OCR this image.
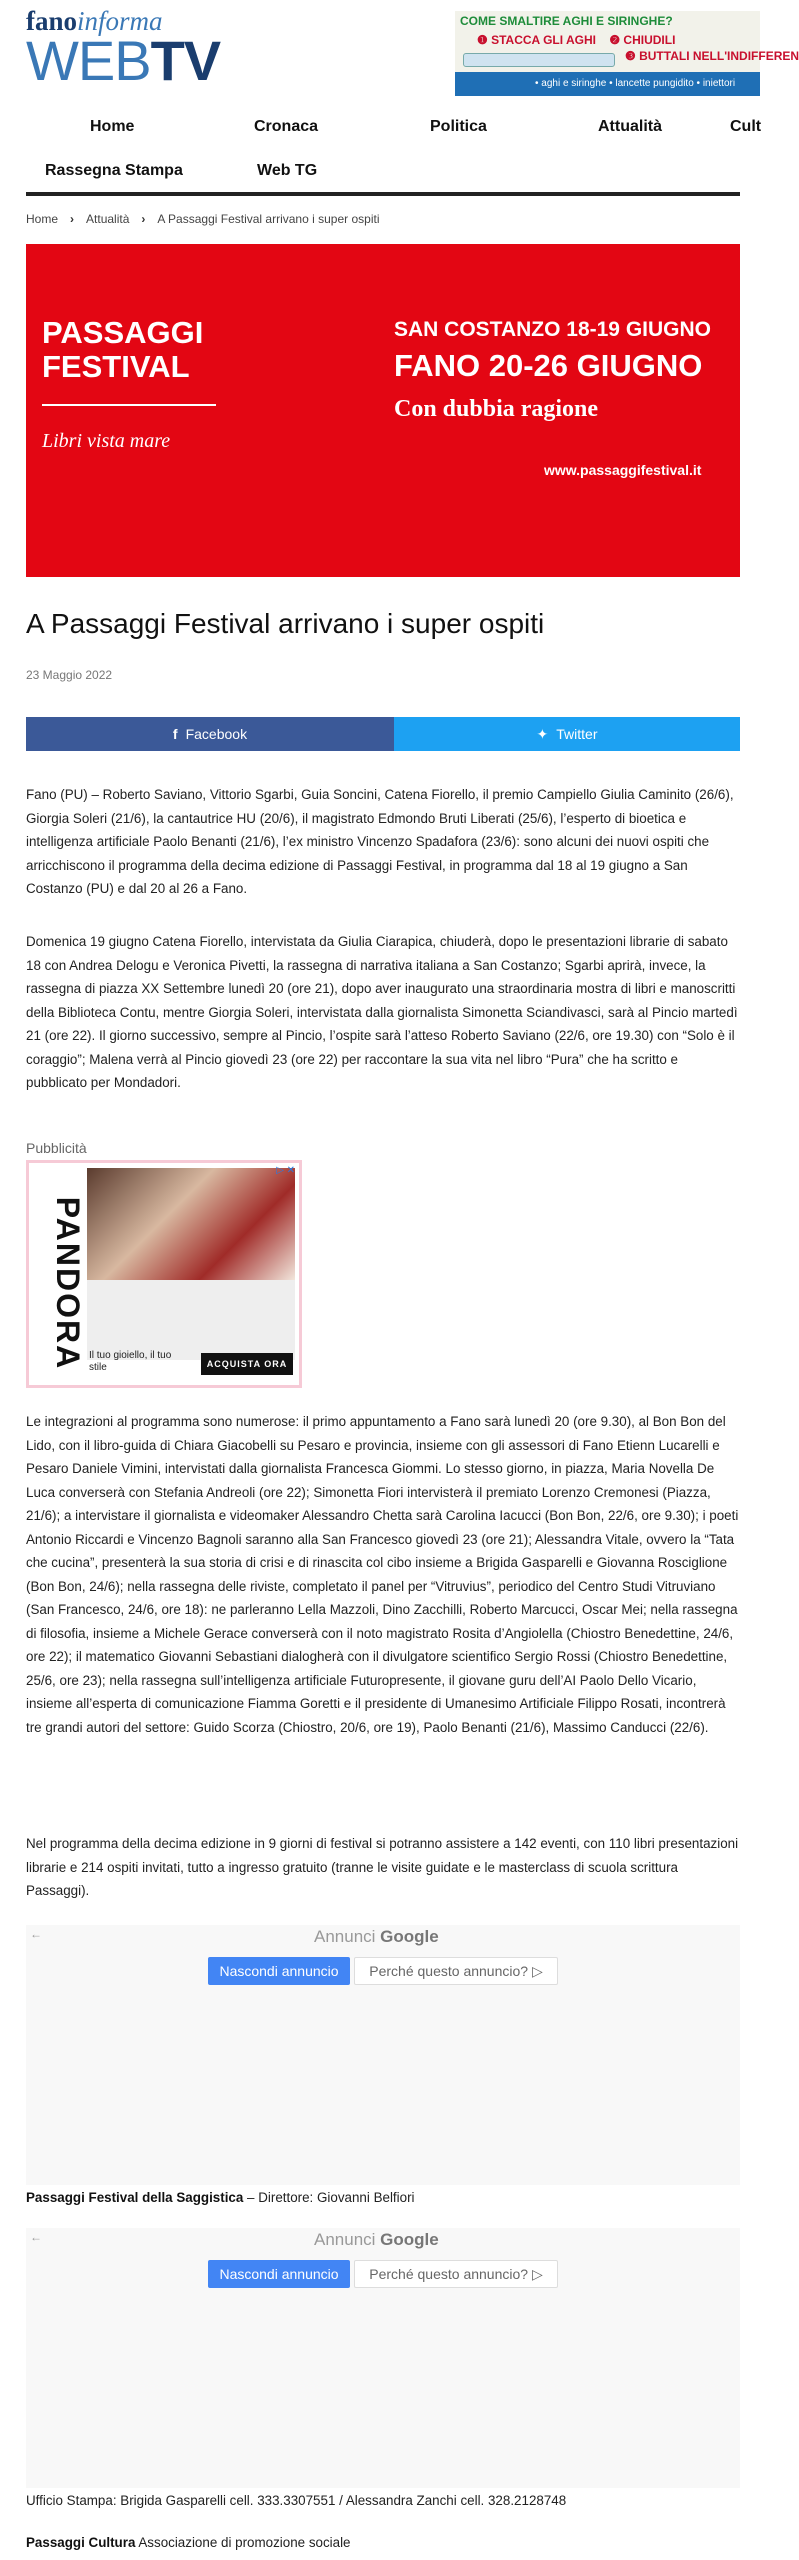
fanoinforma
WEBTV
COME SMALTIRE AGHI E SIRINGHE?
❶ STACCA GLI AGHI ❷ CHIUDILI
❸ BUTTALI NELL'INDIFFEREN
• aghi e siringhe • lancette pungidito • iniettori
Home	Cronaca	Politica	Attualità	Cult
Rassegna Stampa	Web TG
Home › Attualità › A Passaggi Festival arrivano i super ospiti
PASSAGGI
FESTIVAL
Libri vista mare
SAN COSTANZO 18-19 GIUGNO
FANO 20-26 GIUGNO
Con dubbia ragione
www.passaggifestival.it
A Passaggi Festival arrivano i super ospiti
23 Maggio 2022
f Facebook	✦ Twitter

Fano (PU) – Roberto Saviano, Vittorio Sgarbi, Guia Soncini, Catena Fiorello, il premio Campiello Giulia Caminito (26/6), Giorgia Soleri (21/6), la cantautrice HU (20/6), il magistrato Edmondo Bruti Liberati (25/6), l’esperto di bioetica e intelligenza artificiale Paolo Benanti (21/6), l’ex ministro Vincenzo Spadafora (23/6): sono alcuni dei nuovi ospiti che arricchiscono il programma della decima edizione di Passaggi Festival, in programma dal 18 al 19 giugno a San Costanzo (PU) e dal 20 al 26 a Fano.

Domenica 19 giugno Catena Fiorello, intervistata da Giulia Ciarapica, chiuderà, dopo le presentazioni librarie di sabato 18 con Andrea Delogu e Veronica Pivetti, la rassegna di narrativa italiana a San Costanzo; Sgarbi aprirà, invece, la rassegna di piazza XX Settembre lunedì 20 (ore 21), dopo aver inaugurato una straordinaria mostra di libri e manoscritti della Biblioteca Contu, mentre Giorgia Soleri, intervistata dalla giornalista Simonetta Sciandivasci, sarà al Pincio martedì 21 (ore 22). Il giorno successivo, sempre al Pincio, l’ospite sarà l’atteso Roberto Saviano (22/6, ore 19.30) con “Solo è il coraggio”; Malena verrà al Pincio giovedì 23 (ore 22) per raccontare la sua vita nel libro “Pura” che ha scritto e pubblicato per Mondadori.

Pubblicità
PANDORA Il tuo gioiello, il tuo stile	ACQUISTA ORA
▷ ✕

Le integrazioni al programma sono numerose: il primo appuntamento a Fano sarà lunedì 20 (ore 9.30), al Bon Bon del Lido, con il libro-guida di Chiara Giacobelli su Pesaro e provincia, insieme con gli assessori di Fano Etienn Lucarelli e Pesaro Daniele Vimini, intervistati dalla giornalista Francesca Giommi. Lo stesso giorno, in piazza, Maria Novella De Luca converserà con Stefania Andreoli (ore 22); Simonetta Fiori intervisterà il premiato Lorenzo Cremonesi (Piazza, 21/6); a intervistare il giornalista e videomaker Alessandro Chetta sarà Carolina Iacucci (Bon Bon, 22/6, ore 9.30); i poeti Antonio Riccardi e Vincenzo Bagnoli saranno alla San Francesco giovedì 23 (ore 21); Alessandra Vitale, ovvero la “Tata che cucina”, presenterà la sua storia di crisi e di rinascita col cibo insieme a Brigida Gasparelli e Giovanna Rosciglione (Bon Bon, 24/6); nella rassegna delle riviste, completato il panel per “Vitruvius”, periodico del Centro Studi Vitruviano (San Francesco, 24/6, ore 18): ne parleranno Lella Mazzoli, Dino Zacchilli, Roberto Marcucci, Oscar Mei; nella rassegna di filosofia, insieme a Michele Gerace converserà con il noto magistrato Rosita d’Angiolella (Chiostro Benedettine, 24/6, ore 22); il matematico Giovanni Sebastiani dialogherà con il divulgatore scientifico Sergio Rossi (Chiostro Benedettine, 25/6, ore 23); nella rassegna sull’intelligenza artificiale Futuropresente, il giovane guru dell’AI Paolo Dello Vicario, insieme all’esperta di comunicazione Fiamma Goretti e il presidente di Umanesimo Artificiale Filippo Rosati, incontrerà tre grandi autori del settore: Guido Scorza (Chiostro, 20/6, ore 19), Paolo Benanti (21/6), Massimo Canducci (22/6).

Nel programma della decima edizione in 9 giorni di festival si potranno assistere a 142 eventi, con 110 libri presentazioni librarie e 214 ospiti invitati, tutto a ingresso gratuito (tranne le visite guidate e le masterclass di scuola scrittura Passaggi).

←	Annunci Google
Nascondi annuncio	Perché questo annuncio? ▷
Passaggi Festival della Saggistica – Direttore: Giovanni Belfiori
←	Annunci Google
Nascondi annuncio	Perché questo annuncio? ▷
Ufficio Stampa: Brigida Gasparelli cell. 333.3307551 / Alessandra Zanchi cell. 328.2128748
Passaggi Cultura Associazione di promozione sociale
